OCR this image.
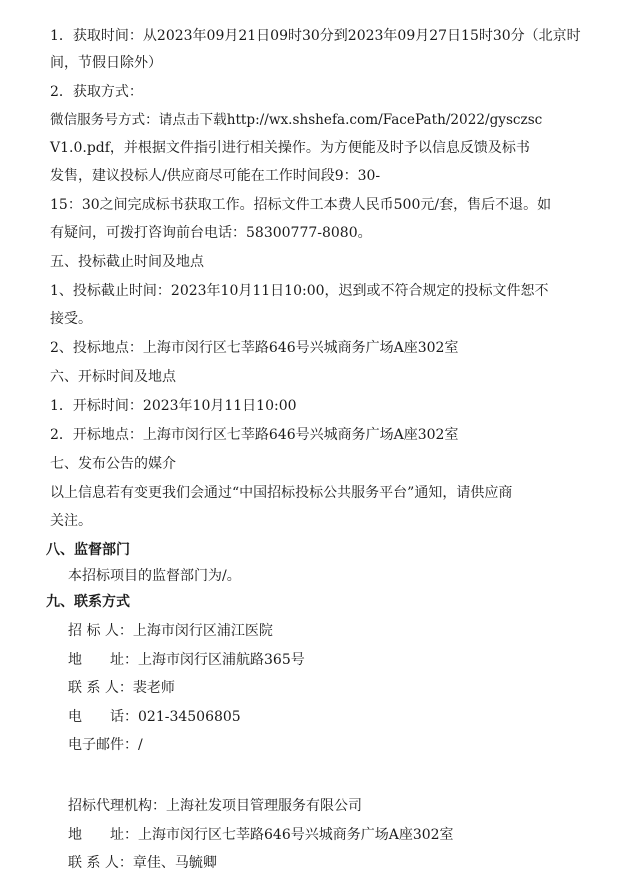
1．获取时间：从2023年09月21日09时30分到2023年09月27日15时30分（北京时
间，节假日除外）
2．获取方式：
微信服务号方式：请点击下载http://wx.shshefa.com/FacePath/2022/gysczsc
V1.0.pdf，并根据文件指引进行相关操作。为方便能及时予以信息反馈及标书
发售，建议投标人/供应商尽可能在工作时间段9：30-
15：30之间完成标书获取工作。招标文件工本费人民币500元/套，售后不退。如
有疑问，可拨打咨询前台电话：58300777-8080。
五、投标截止时间及地点
1、投标截止时间：2023年10月11日10:00，迟到或不符合规定的投标文件恕不
接受。
2、投标地点：上海市闵行区七莘路646号兴城商务广场A座302室
六、开标时间及地点
1．开标时间：2023年10月11日10:00
2．开标地点：上海市闵行区七莘路646号兴城商务广场A座302室
七、发布公告的媒介
以上信息若有变更我们会通过“中国招标投标公共服务平台”通知，请供应商
关注。
八、监督部门
本招标项目的监督部门为/。
九、联系方式
招 标 人：上海市闵行区浦江医院
地　　址：上海市闵行区浦航路365号
联 系 人：裴老师
电　　话：021-34506805
电子邮件：/
招标代理机构：上海社发项目管理服务有限公司
地　　址：上海市闵行区七莘路646号兴城商务广场A座302室
联 系 人：章佳、马毓卿
